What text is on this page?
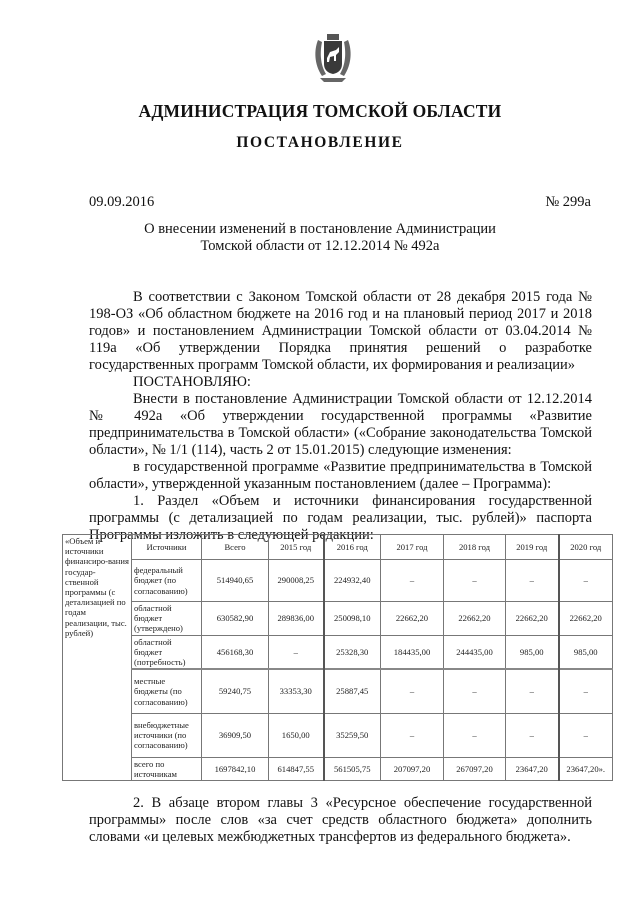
АДМИНИСТРАЦИЯ ТОМСКОЙ ОБЛАСТИ
ПОСТАНОВЛЕНИЕ
09.09.2016	№ 299а
О внесении изменений в постановление Администрации
Томской области от 12.12.2014 № 492а

В соответствии с Законом Томской области от 28 декабря 2015 года № 198-ОЗ «Об областном бюджете на 2016 год и на плановый период 2017 и 2018 годов» и постановлением Администрации Томской области от 03.04.2014 № 119а «Об утверждении Порядка принятия решений о разработке государственных программ Томской области, их формирования и реализации»

ПОСТАНОВЛЯЮ:

Внести в постановление Администрации Томской области от 12.12.2014 № 492а «Об утверждении государственной программы «Развитие предпринимательства в Томской области» («Собрание законодательства Томской области», № 1/1 (114), часть 2 от 15.01.2015) следующие изменения:

в государственной программе «Развитие предпринимательства в Томской области», утвержденной указанным постановлением (далее – Программа):

1. Раздел «Объем и источники финансирования государственной программы (с детализацией по годам реализации, тыс. рублей)» паспорта Программы изложить в следующей редакции:

«Объем и источники финансиро-вания государ-ственной программы (с детализацией по годам реализации, тыс. рублей)	Источники	Всего	2015 год	2016 год	2017 год	2018 год	2019 год	2020 год
	федеральный бюджет (по согласованию)	514940,65	290008,25	224932,40	–	–	–	–
	областной бюджет (утверждено)	630582,90	289836,00	250098,10	22662,20	22662,20	22662,20	22662,20
	областной бюджет (потребность)	456168,30	–	25328,30	184435,00	244435,00	985,00	985,00
	местные бюджеты (по согласованию)	59240,75	33353,30	25887,45	–	–	–	–
	внебюджетные источники (по согласованию)	36909,50	1650,00	35259,50	–	–	–	–
	всего по источникам	1697842,10	614847,55	561505,75	207097,20	267097,20	23647,20	23647,20».

2. В абзаце втором главы 3 «Ресурсное обеспечение государственной программы» после слов «за счет средств областного бюджета» дополнить словами «и целевых межбюджетных трансфертов из федерального бюджета».
